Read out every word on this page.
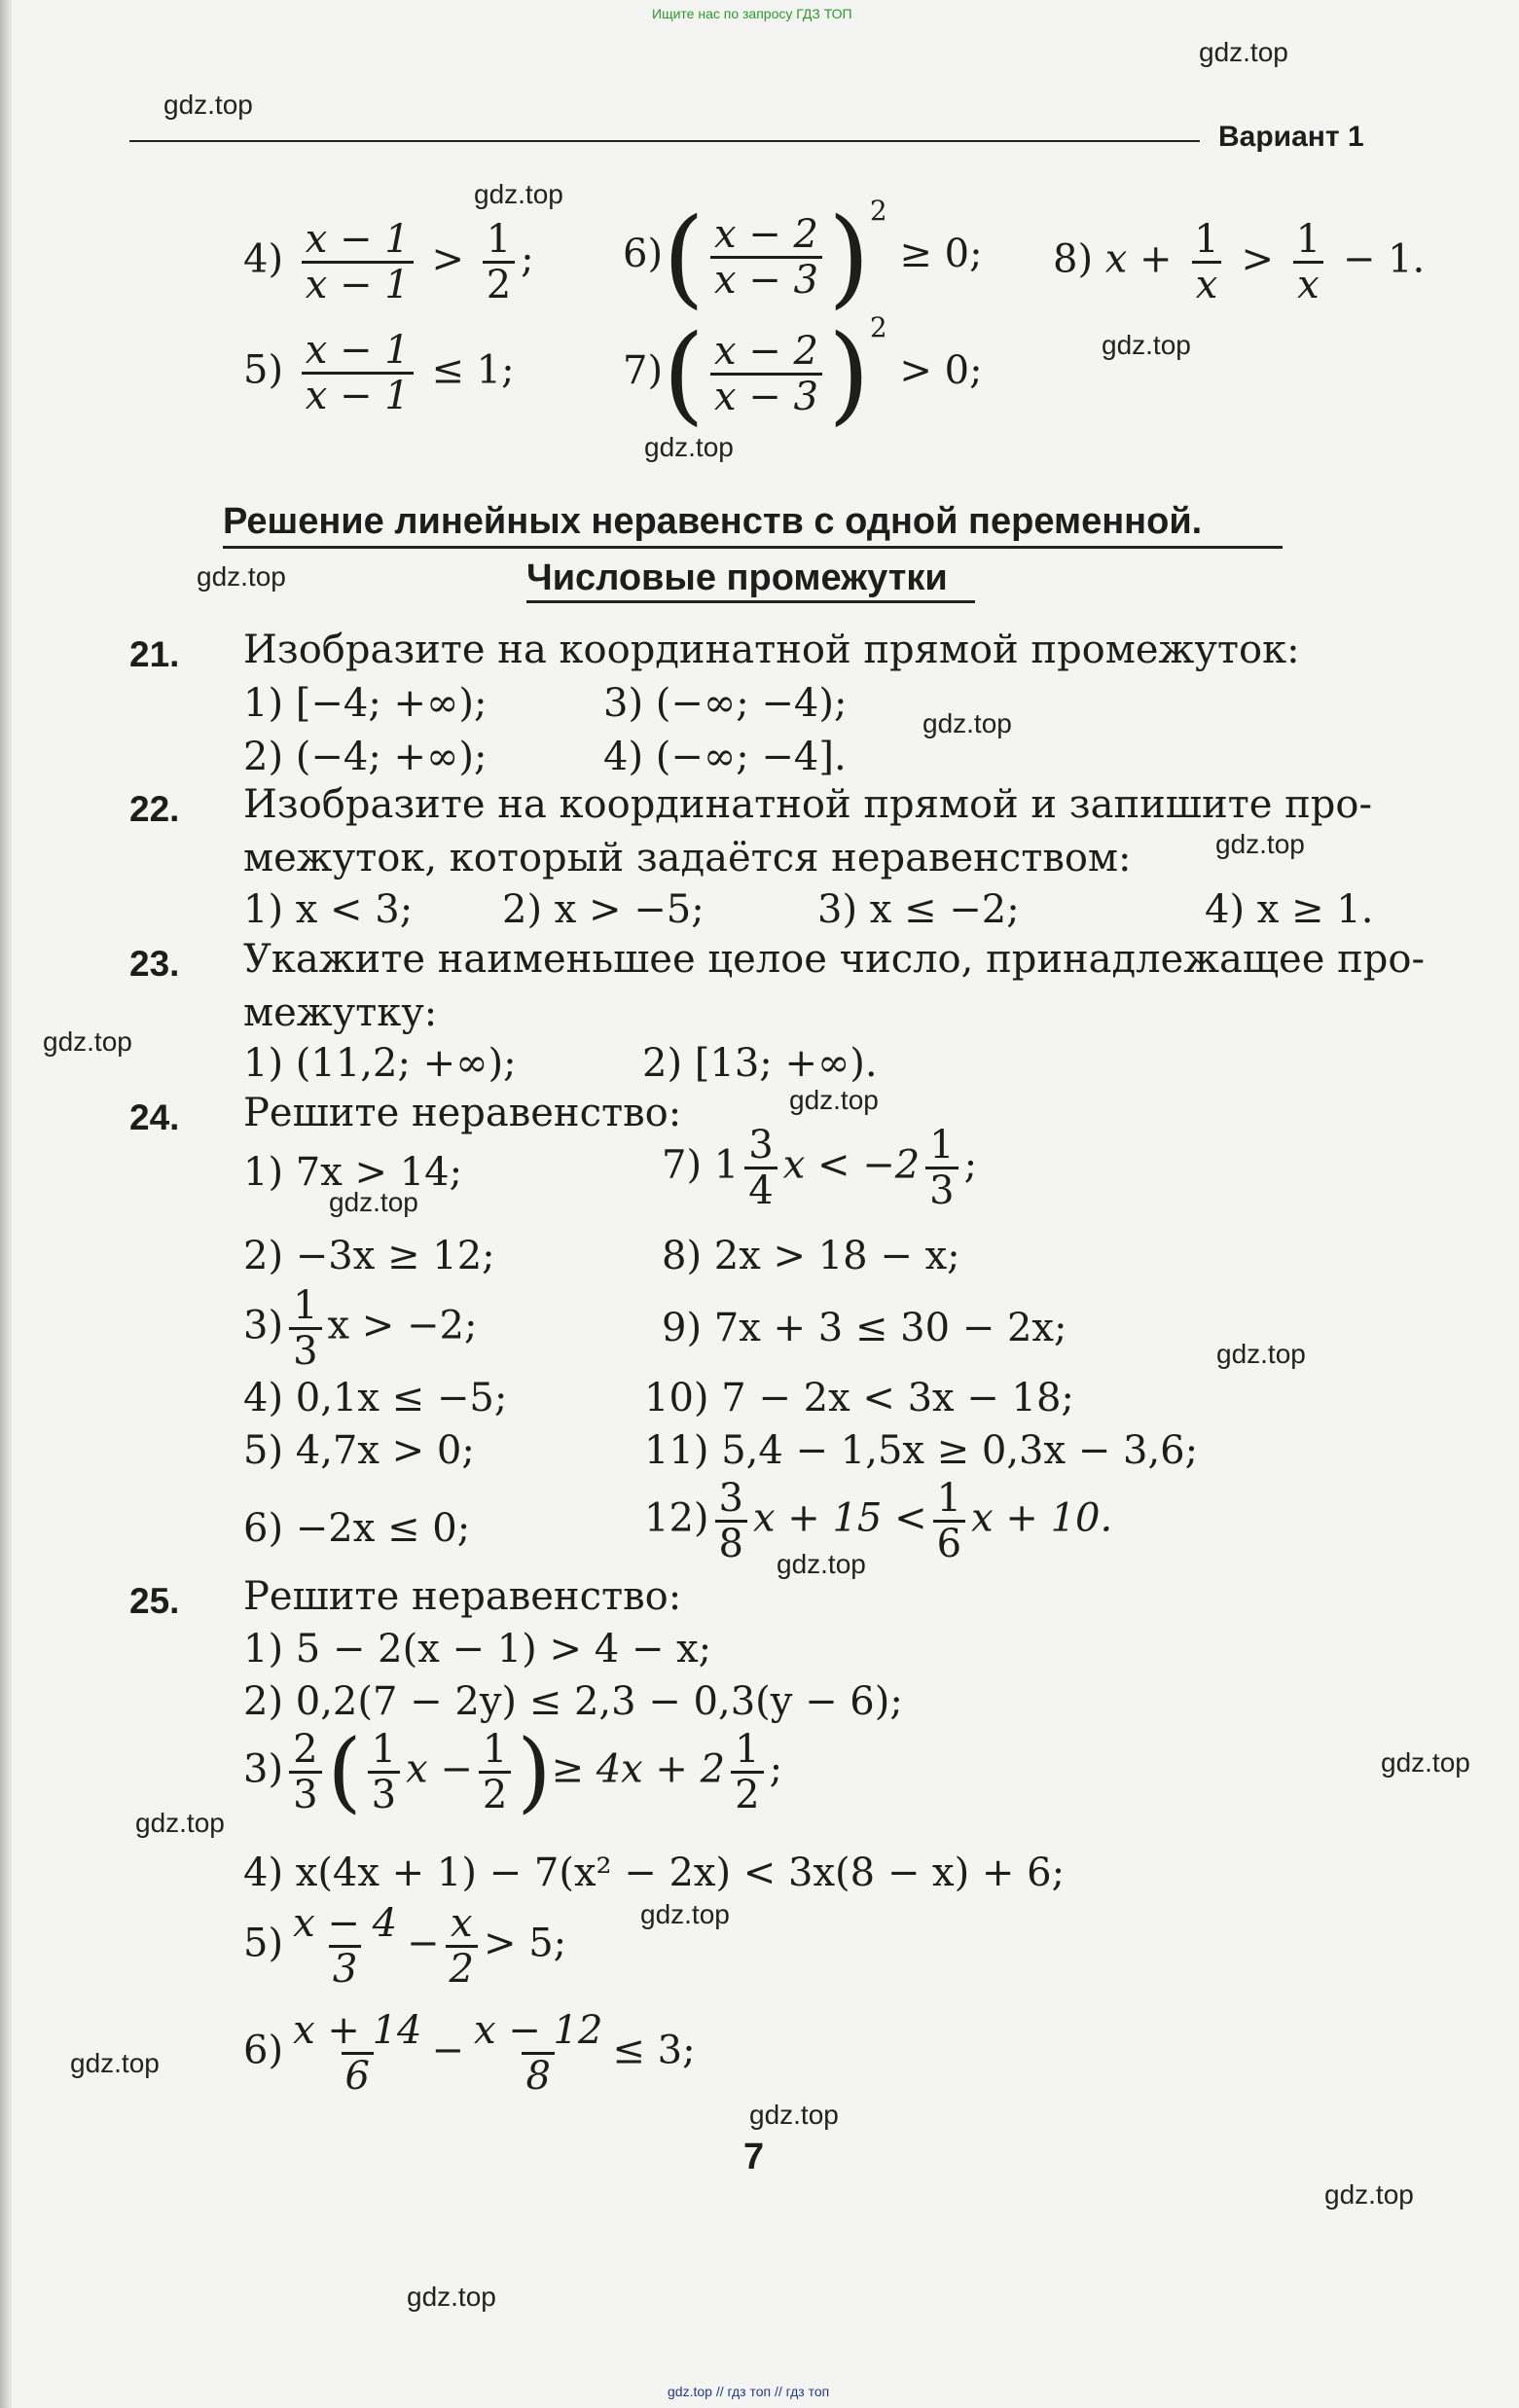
Ищите нас по запросу ГДЗ ТОП
gdz.top
gdz.top
gdz.top
gdz.top
gdz.top
gdz.top
gdz.top
gdz.top
gdz.top
gdz.top
gdz.top
gdz.top
gdz.top
gdz.top
gdz.top
gdz.top
gdz.top
gdz.top
gdz.top
gdz.top
Вариант 1
$4) \frac{x - 1}{x - 1} > \frac{1}{2}$ ;
$5) \frac{x - 1}{x - 1} \le 1$;
$6)( \frac{x - 2}{x - 3} )^2 \ge 0$;
$7)( \frac{x - 2}{x - 3} )^2 > 0$;
8) $x + \frac{1}{x} > \frac{1}{x} - 1$.
Решение линейных неравенств с одной переменной.
Числовые промежутки
21. Изобразите на координатной прямой промежуток:
1) [−4; +∞);	3) (−∞; −4);
2) (−4; +∞);	4) (−∞; −4].
22. Изобразите на координатной прямой и запишите про-
межуток, который задаётся неравенством:
1) x < 3; 2) x > −5;	3) x ≤ −2;	4) x ≥ 1.
23. Укажите наименьшее целое число, принадлежащее про-
межутку:
1) (11,2; +∞);	2) [13; +∞).
24. Решите неравенство:
1) 7x > 14;	7) $1 \frac{3}{4}$ $x < -2 \frac{1}{3}$ ;
2) −3x ≥ 12;	8) 2x > 18 − x;
$3) \frac{1}{3}$ x > −2;	9) 7x + 3 ≤ 30 − 2x;
4) 0,1x ≤ −5;	10) 7 − 2x < 3x − 18;
5) 4,7x > 0;	11) 5,4 − 1,5x ≥ 0,3x − 3,6;
6) −2x ≤ 0;	$12) \frac{3}{8}$ $x + 15 < \frac{1}{6}$ x + 10.
25. Решите неравенство:
1) 5 − 2(x − 1) > 4 − x;
2) 0,2(7 − 2y) ≤ 2,3 − 0,3(y − 6);
$3) \frac{2}{3}$ ( $\frac{1}{3}$ $x - \frac{1}{2}$ )≥ $4x + 2 \frac{1}{2}$ ;
4) x(4x + 1) − 7(x² − 2x) < 3x(8 − x) + 6;
$5) \frac{x - 4}{3} - \frac{x}{2} > 5$;
$6) \frac{x + 14}{6} - \frac{x - 12}{8} \le 3$;
7
gdz.top // гдз топ // гдз топ
